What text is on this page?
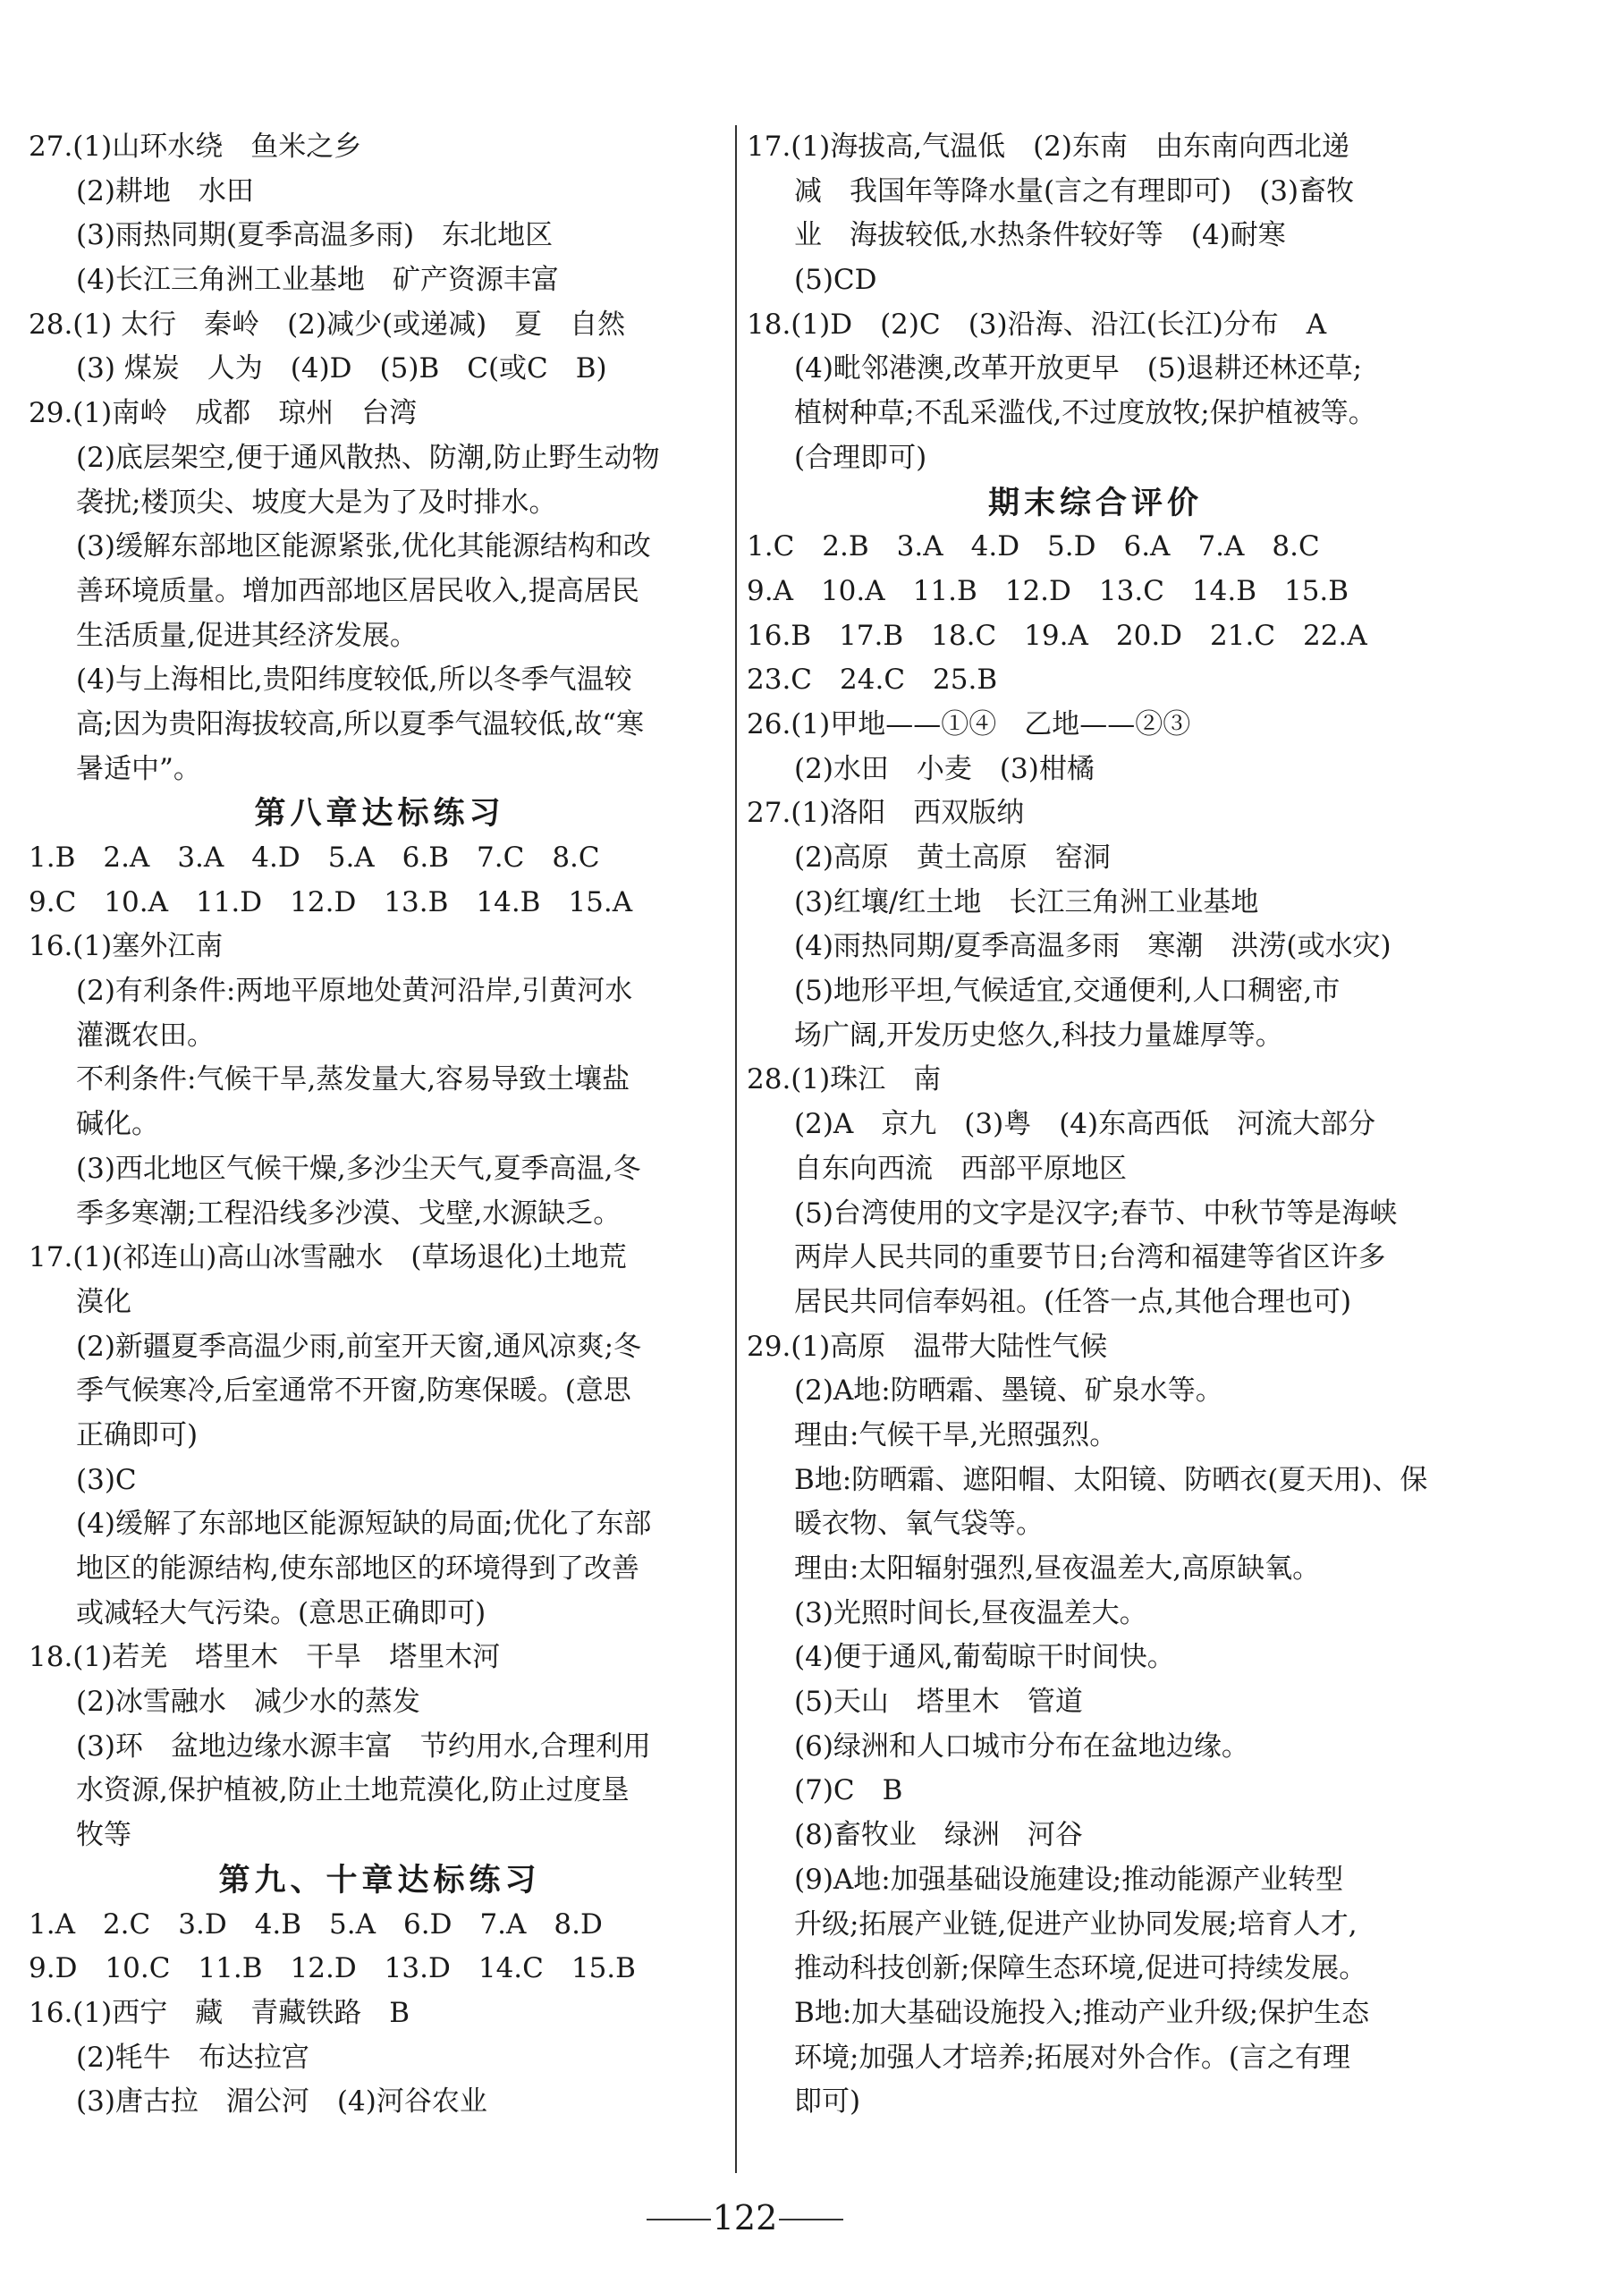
27.(1)山环水绕　鱼米之乡
(2)耕地　水田
(3)雨热同期(夏季高温多雨)　东北地区
(4)长江三角洲工业基地　矿产资源丰富
28.(1) 太行　秦岭　(2)减少(或递减)　夏　自然
(3) 煤炭　人为　(4)D　(5)B　C(或C　B)
29.(1)南岭　成都　琼州　台湾
(2)底层架空,便于通风散热、防潮,防止野生动物
袭扰;楼顶尖、坡度大是为了及时排水。
(3)缓解东部地区能源紧张,优化其能源结构和改
善环境质量。增加西部地区居民收入,提高居民
生活质量,促进其经济发展。
(4)与上海相比,贵阳纬度较低,所以冬季气温较
高;因为贵阳海拔较高,所以夏季气温较低,故“寒
暑适中”。
第八章达标练习
1.B　2.A　3.A　4.D　5.A　6.B　7.C　8.C
9.C　10.A　11.D　12.D　13.B　14.B　15.A
16.(1)塞外江南
(2)有利条件:两地平原地处黄河沿岸,引黄河水
灌溉农田。
不利条件:气候干旱,蒸发量大,容易导致土壤盐
碱化。
(3)西北地区气候干燥,多沙尘天气,夏季高温,冬
季多寒潮;工程沿线多沙漠、戈壁,水源缺乏。
17.(1)(祁连山)高山冰雪融水　(草场退化)土地荒
漠化
(2)新疆夏季高温少雨,前室开天窗,通风凉爽;冬
季气候寒冷,后室通常不开窗,防寒保暖。(意思
正确即可)
(3)C
(4)缓解了东部地区能源短缺的局面;优化了东部
地区的能源结构,使东部地区的环境得到了改善
或减轻大气污染。(意思正确即可)
18.(1)若羌　塔里木　干旱　塔里木河
(2)冰雪融水　减少水的蒸发
(3)环　盆地边缘水源丰富　节约用水,合理利用
水资源,保护植被,防止土地荒漠化,防止过度垦
牧等
第九、十章达标练习
1.A　2.C　3.D　4.B　5.A　6.D　7.A　8.D
9.D　10.C　11.B　12.D　13.D　14.C　15.B
16.(1)西宁　藏　青藏铁路　B
(2)牦牛　布达拉宫
(3)唐古拉　湄公河　(4)河谷农业
17.(1)海拔高,气温低　(2)东南　由东南向西北递
减　我国年等降水量(言之有理即可)　(3)畜牧
业　海拔较低,水热条件较好等　(4)耐寒
(5)CD
18.(1)D　(2)C　(3)沿海、沿江(长江)分布　A
(4)毗邻港澳,改革开放更早　(5)退耕还林还草;
植树种草;不乱采滥伐,不过度放牧;保护植被等。
(合理即可)
期末综合评价
1.C　2.B　3.A　4.D　5.D　6.A　7.A　8.C
9.A　10.A　11.B　12.D　13.C　14.B　15.B
16.B　17.B　18.C　19.A　20.D　21.C　22.A
23.C　24.C　25.B
26.(1)甲地——①④　乙地——②③
(2)水田　小麦　(3)柑橘
27.(1)洛阳　西双版纳
(2)高原　黄土高原　窑洞
(3)红壤/红土地　长江三角洲工业基地
(4)雨热同期/夏季高温多雨　寒潮　洪涝(或水灾)
(5)地形平坦,气候适宜,交通便利,人口稠密,市
场广阔,开发历史悠久,科技力量雄厚等。
28.(1)珠江　南
(2)A　京九　(3)粤　(4)东高西低　河流大部分
自东向西流　西部平原地区
(5)台湾使用的文字是汉字;春节、中秋节等是海峡
两岸人民共同的重要节日;台湾和福建等省区许多
居民共同信奉妈祖。(任答一点,其他合理也可)
29.(1)高原　温带大陆性气候
(2)A地:防晒霜、墨镜、矿泉水等。
理由:气候干旱,光照强烈。
B地:防晒霜、遮阳帽、太阳镜、防晒衣(夏天用)、保
暖衣物、氧气袋等。
理由:太阳辐射强烈,昼夜温差大,高原缺氧。
(3)光照时间长,昼夜温差大。
(4)便于通风,葡萄晾干时间快。
(5)天山　塔里木　管道
(6)绿洲和人口城市分布在盆地边缘。
(7)C　B
(8)畜牧业　绿洲　河谷
(9)A地:加强基础设施建设;推动能源产业转型
升级;拓展产业链,促进产业协同发展;培育人才,
推动科技创新;保障生态环境,促进可持续发展。
B地:加大基础设施投入;推动产业升级;保护生态
环境;加强人才培养;拓展对外合作。(言之有理
即可)
122
